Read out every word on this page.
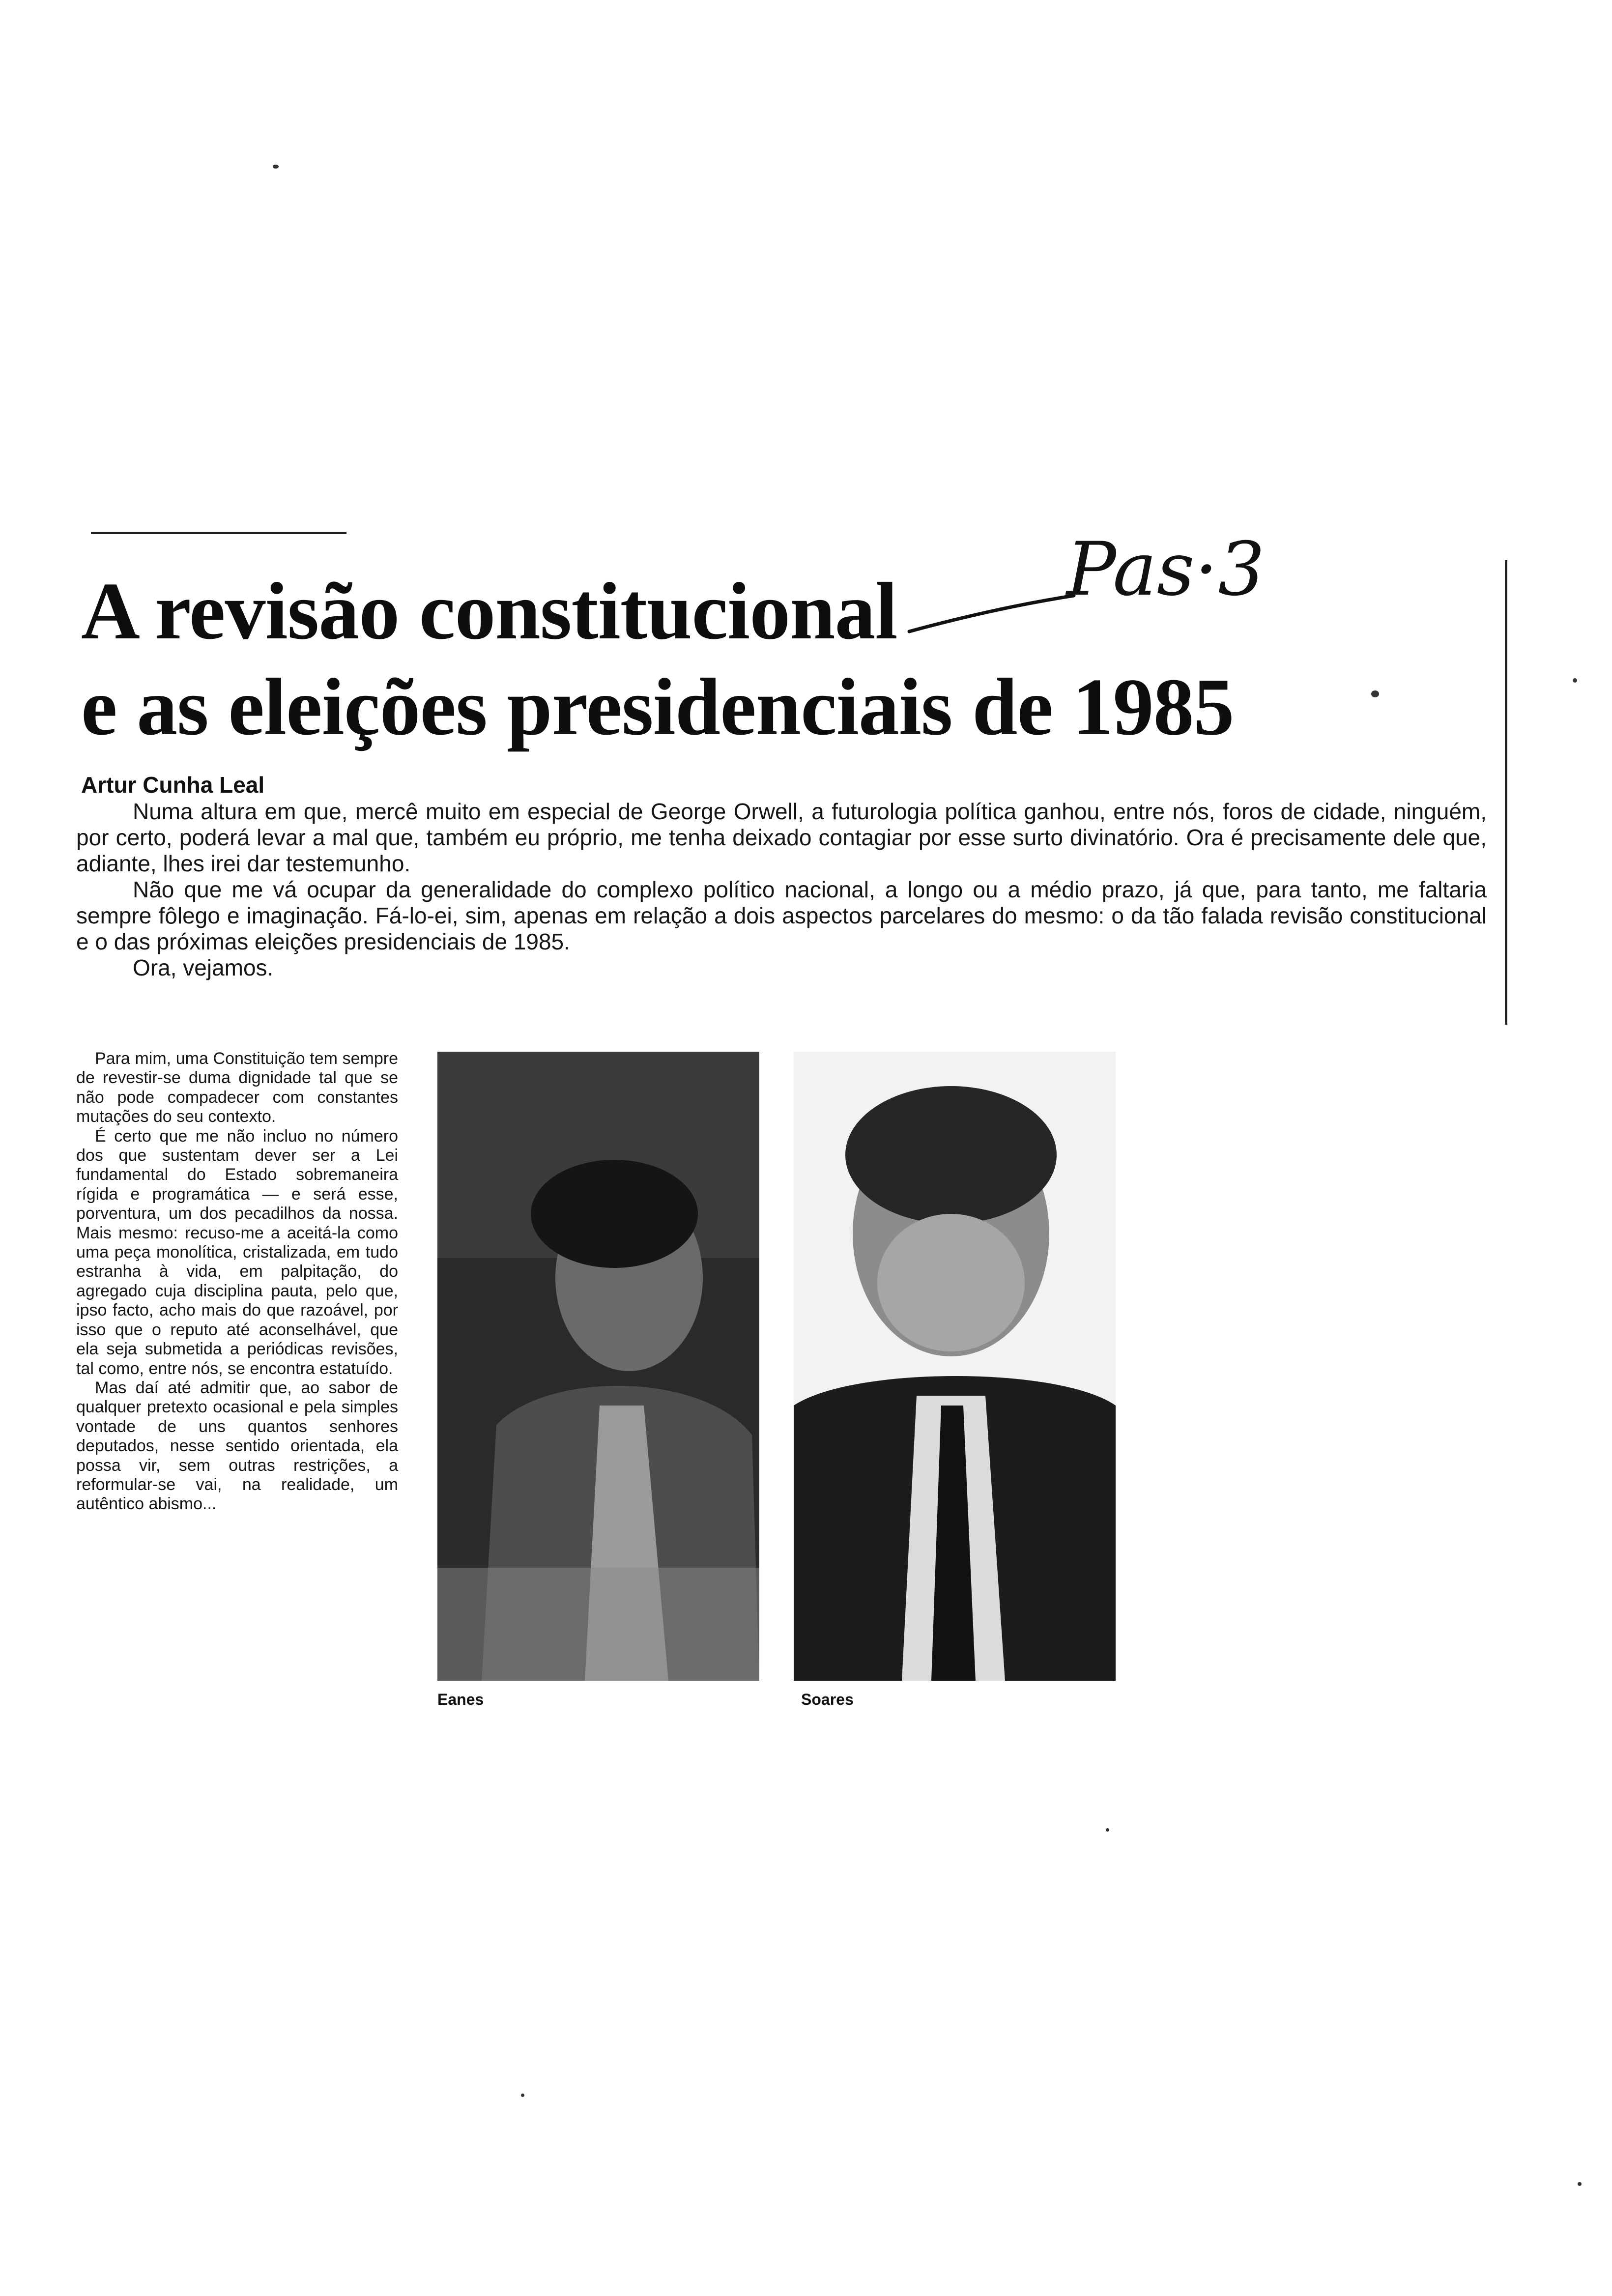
A revisão constitucional
e as eleições presidenciais de 1985
Pas·3

Artur Cunha Leal

Numa altura em que, mercê muito em especial de George Orwell, a futurologia política ganhou, entre nós, foros de cidade, ninguém, por certo, poderá levar a mal que, também eu próprio, me tenha deixado contagiar por esse surto divinatório. Ora é precisamente dele que, adiante, lhes irei dar testemunho.

Não que me vá ocupar da generalidade do complexo político nacional, a longo ou a médio prazo, já que, para tanto, me faltaria sempre fôlego e imaginação. Fá-lo-ei, sim, apenas em relação a dois aspectos parcelares do mesmo: o da tão falada revisão constitucional e o das próximas eleições presidenciais de 1985.

Ora, vejamos.

Para mim, uma Constituição tem sempre de revestir-se duma dignidade tal que se não pode compadecer com constantes mutações do seu contexto.

É certo que me não incluo no número dos que sustentam dever ser a Lei fundamental do Estado sobremaneira rígida e programática — e será esse, porventura, um dos pecadilhos da nossa. Mais mesmo: recuso-me a aceitá-la como uma peça monolítica, cristalizada, em tudo estranha à vida, em palpitação, do agregado cuja disciplina pauta, pelo que, ipso facto, acho mais do que razoável, por isso que o reputo até aconselhável, que ela seja submetida a periódicas revisões, tal como, entre nós, se encontra estatuído.

Mas daí até admitir que, ao sabor de qualquer pretexto ocasional e pela simples vontade de uns quantos senhores deputados, nesse sentido orientada, ela possa vir, sem outras restrições, a reformular-se vai, na realidade, um autêntico abismo...

Eanes	Soares
